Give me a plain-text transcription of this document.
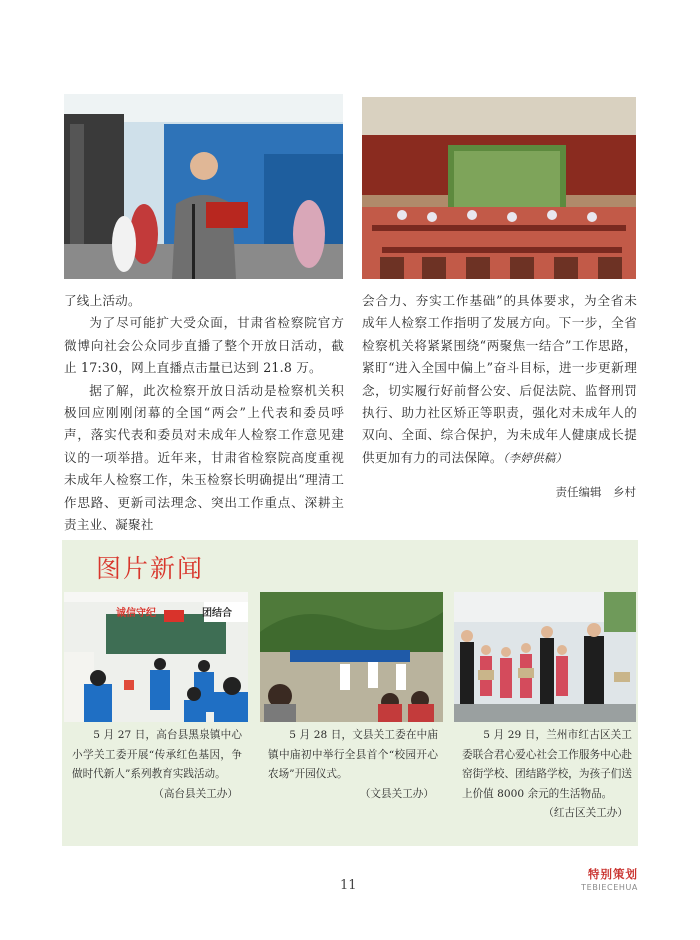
了线上活动。

为了尽可能扩大受众面，甘肃省检察院官方微博向社会公众同步直播了整个开放日活动，截止 17:30，网上直播点击量已达到 21.8 万。

据了解，此次检察开放日活动是检察机关积极回应刚刚闭幕的全国“两会”上代表和委员呼声，落实代表和委员对未成年人检察工作意见建议的一项举措。近年来，甘肃省检察院高度重视未成年人检察工作，朱玉检察长明确提出“理清工作思路、更新司法理念、突出工作重点、深耕主责主业、凝聚社

会合力、夯实工作基础”的具体要求，为全省未成年人检察工作指明了发展方向。下一步，全省检察机关将紧紧围绕“两聚焦一结合”工作思路，紧盯“进入全国中偏上”奋斗目标，进一步更新理念，切实履行好前督公安、后促法院、监督刑罚执行、助力社区矫正等职责，强化对未成年人的双向、全面、综合保护，为未成年人健康成长提供更加有力的司法保障。（李婷供稿）

责任编辑　乡村
图片新闻
诚信守纪	团结合

5 月 27 日，高台县黑泉镇中心小学关工委开展“传承红色基因，争做时代新人”系列教育实践活动。

（高台县关工办）

5 月 28 日，文县关工委在中庙镇中庙初中举行全县首个“校园开心农场”开园仪式。

（文县关工办）

5 月 29 日，兰州市红古区关工委联合君心爱心社会工作服务中心赴窑街学校、团结路学校，为孩子们送上价值 8000 余元的生活物品。

（红古区关工办）

11
特别策划
TEBIECEHUA
